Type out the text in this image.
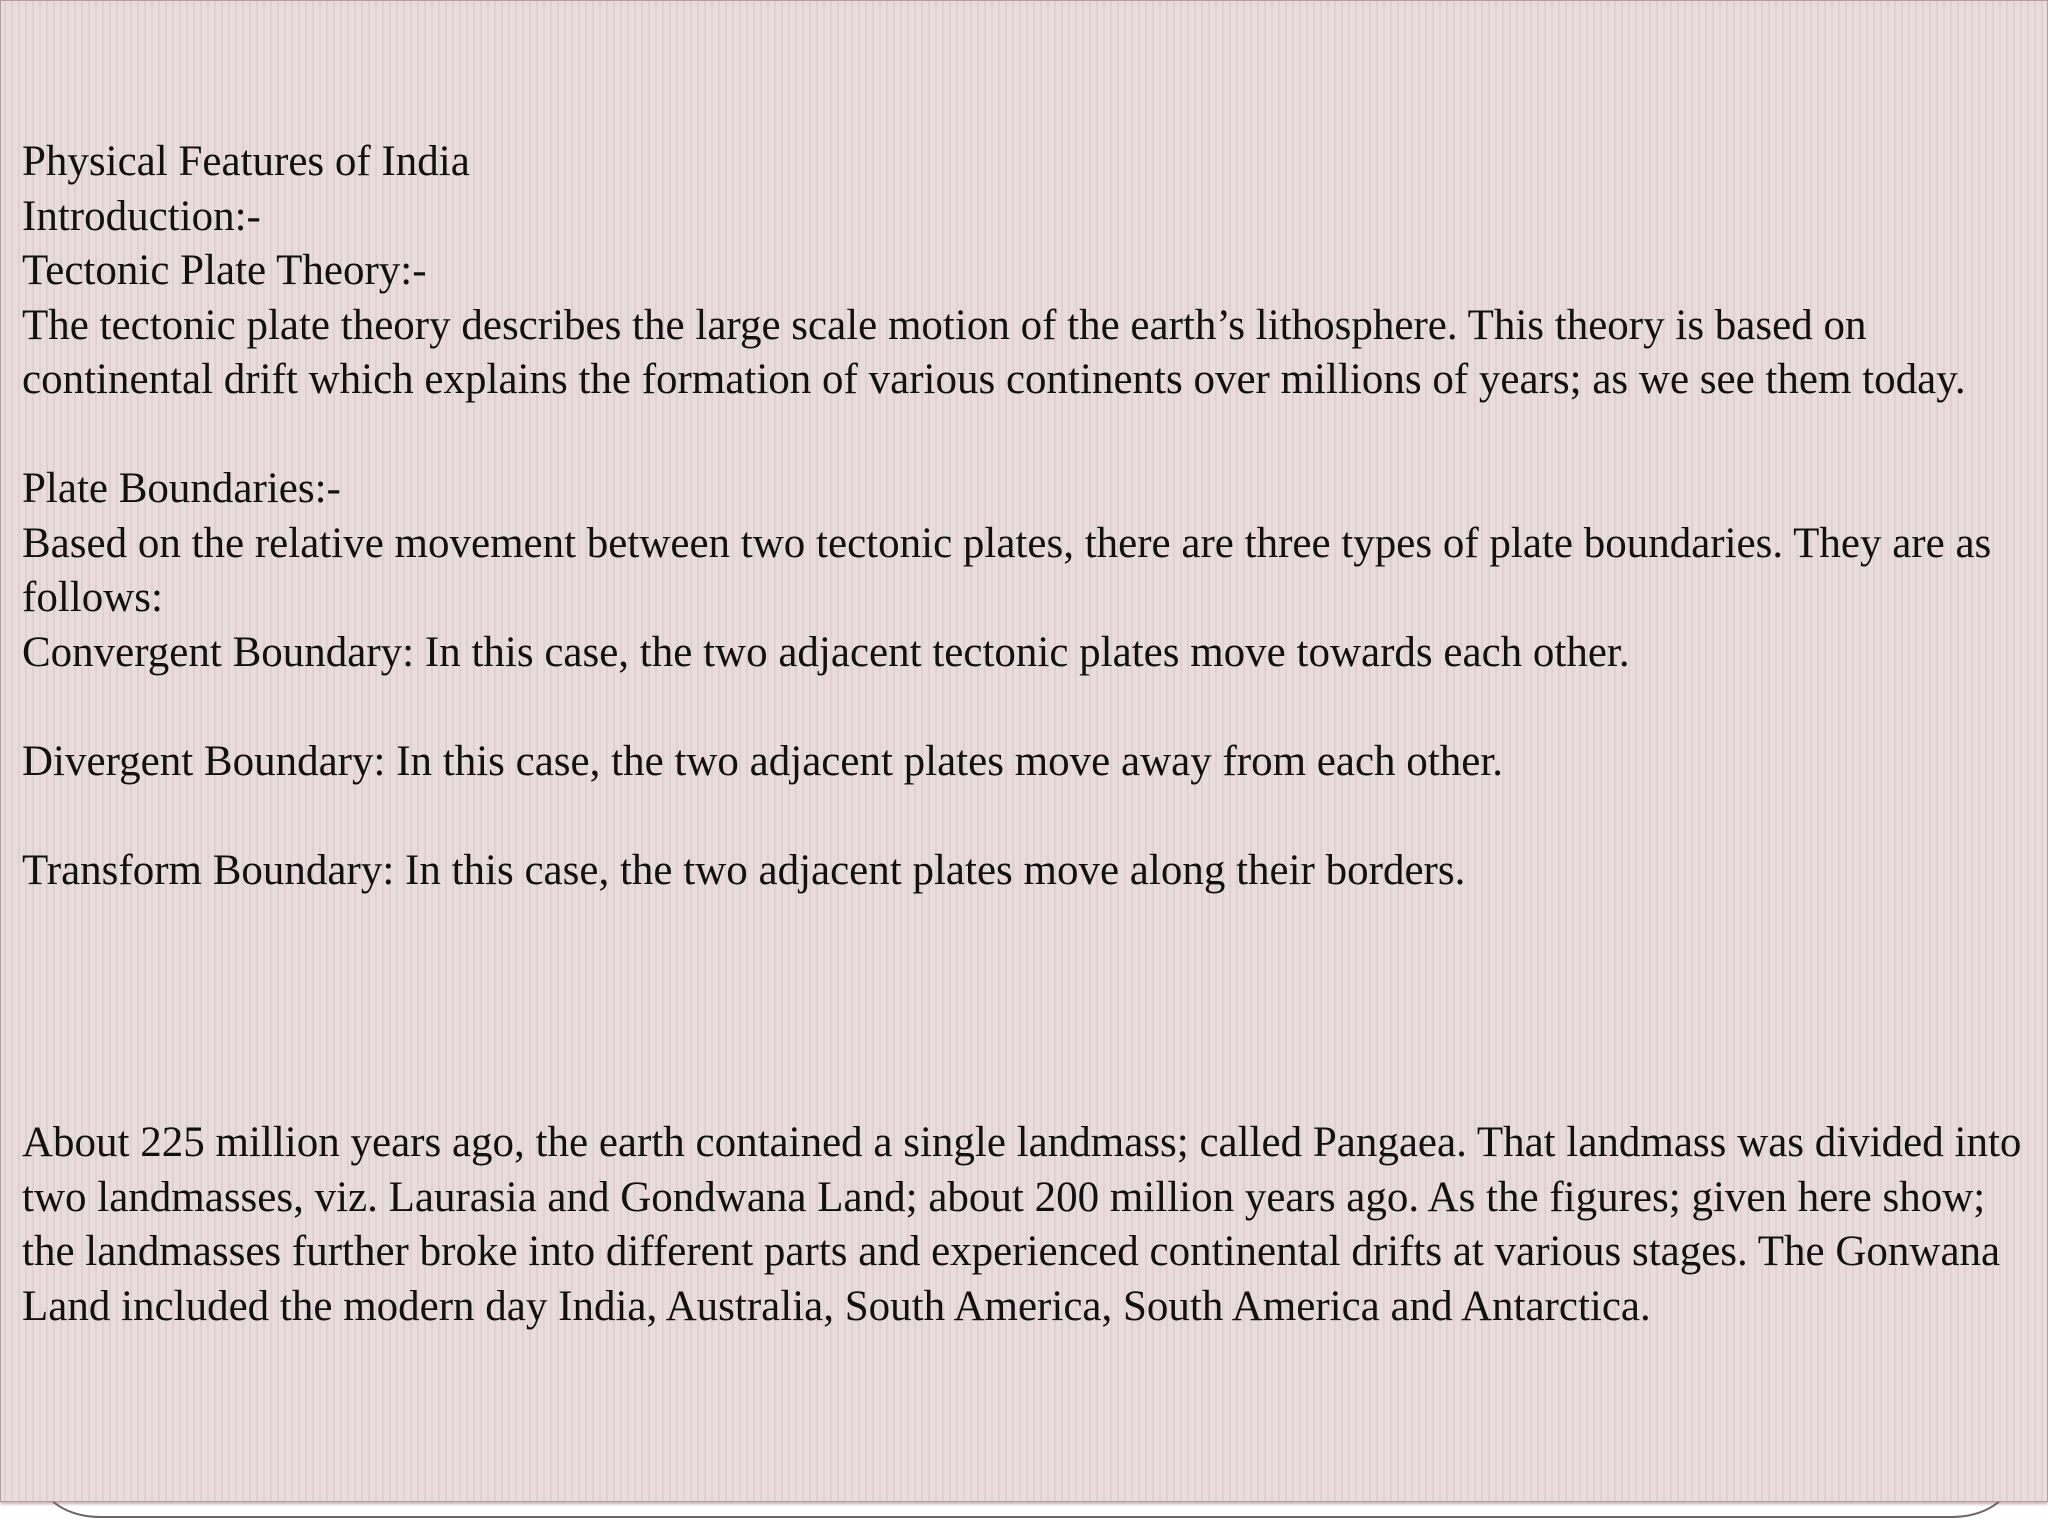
Physical Features of India

Introduction:-

Tectonic Plate Theory:-

The tectonic plate theory describes the large scale motion of the earth’s lithosphere. This theory is based on continental drift which explains the formation of various continents over millions of years; as we see them today.

Plate Boundaries:-

Based on the relative movement between two tectonic plates, there are three types of plate boundaries. They are as follows:

Convergent Boundary: In this case, the two adjacent tectonic plates move towards each other.

Divergent Boundary: In this case, the two adjacent plates move away from each other.

Transform Boundary: In this case, the two adjacent plates move along their borders.

About 225 million years ago, the earth contained a single landmass; called Pangaea. That landmass was divided into two landmasses, viz. Laurasia and Gondwana Land; about 200 million years ago. As the figures; given here show; the landmasses further broke into different parts and experienced continental drifts at various stages. The Gonwana Land included the modern day India, Australia, South America, South America and Antarctica.
